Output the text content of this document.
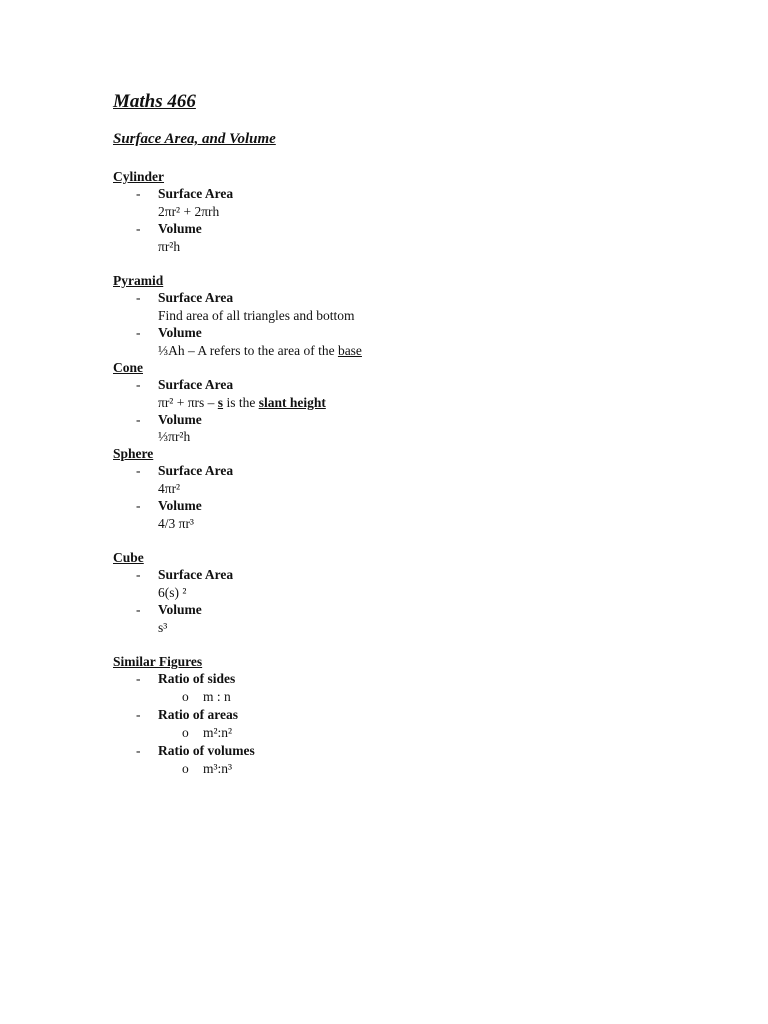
Maths 466
Surface Area, and Volume
Cylinder
- Surface Area
2πr² + 2πrh
- Volume
πr²h
Pyramid
- Surface Area
Find area of all triangles and bottom
- Volume
⅓Ah – A refers to the area of the base
Cone
- Surface Area
πr² + πrs – s is the slant height
- Volume
⅓πr²h
Sphere
- Surface Area
4πr²
- Volume
4/3 πr³
Cube
- Surface Area
6(s) ²
- Volume
s³
Similar Figures
- Ratio of sides
o m : n
- Ratio of areas
o m²:n²
- Ratio of volumes
o m³:n³
